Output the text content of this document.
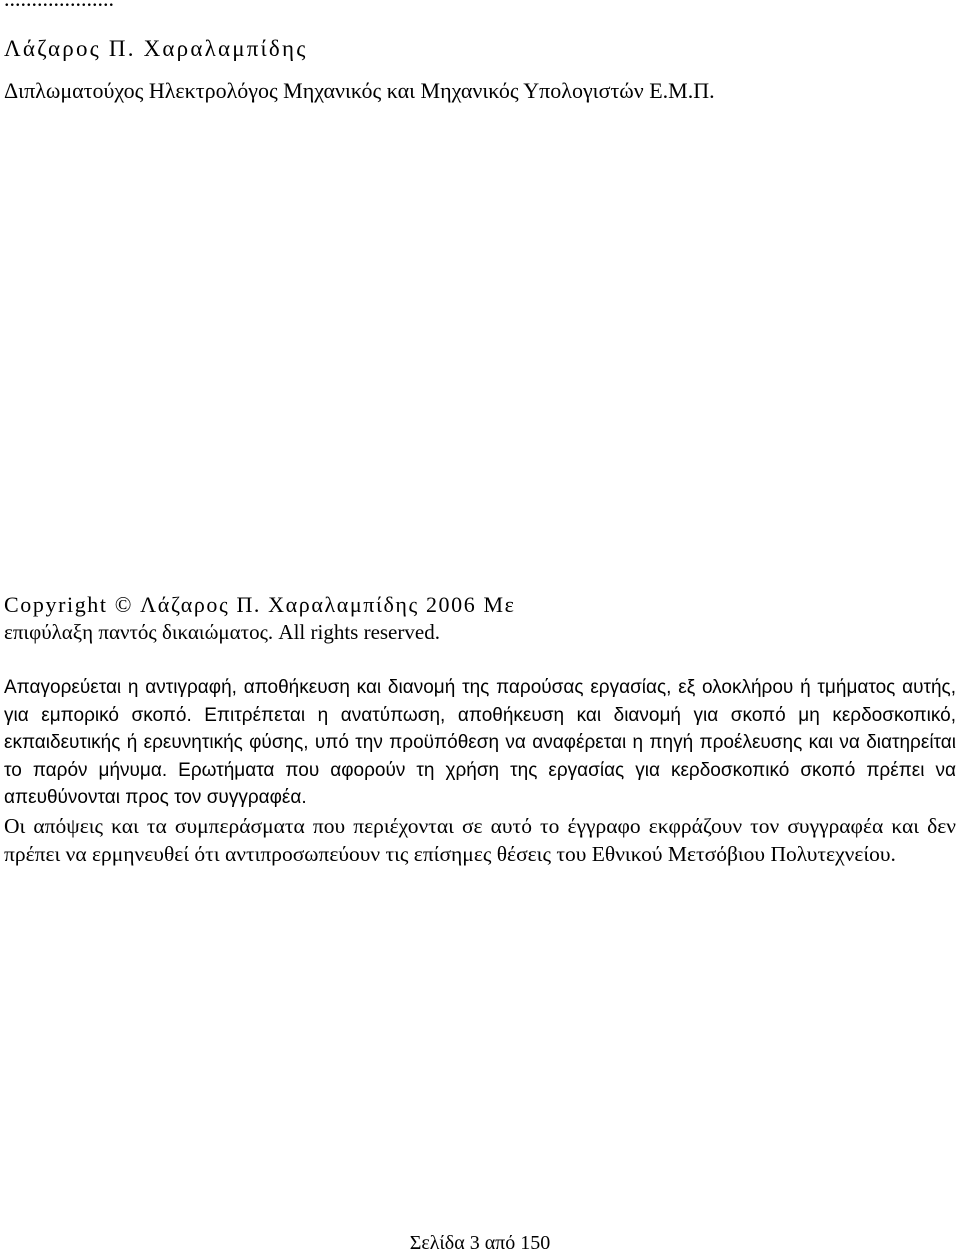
Λάζαρος Π. Χαραλαμπίδης
Διπλωματούχος Ηλεκτρολόγος Μηχανικός και Μηχανικός Υπολογιστών Ε.Μ.Π.
Copyright © Λάζαρος Π. Χαραλαμπίδης 2006 Με
επιφύλαξη παντός δικαιώματος. All rights reserved.

Απαγορεύεται η αντιγραφή, αποθήκευση και διανομή της παρούσας εργασίας, εξ ολοκλήρου ή τμήματος αυτής, για εμπορικό σκοπό. Επιτρέπεται η ανατύπωση, αποθήκευση και διανομή για σκοπό μη κερδοσκοπικό, εκπαιδευτικής ή ερευνητικής φύσης, υπό την προϋπόθεση να αναφέρεται η πηγή προέλευσης και να διατηρείται το παρόν μήνυμα. Ερωτήματα που αφορούν τη χρήση της εργασίας για κερδοσκοπικό σκοπό πρέπει να απευθύνονται προς τον συγγραφέα.

Οι απόψεις και τα συμπεράσματα που περιέχονται σε αυτό το έγγραφο εκφράζουν τον συγγραφέα και δεν πρέπει να ερμηνευθεί ότι αντιπροσωπεύουν τις επίσημες θέσεις του Εθνικού Μετσόβιου Πολυτεχνείου.

Σελίδα 3 από 150
